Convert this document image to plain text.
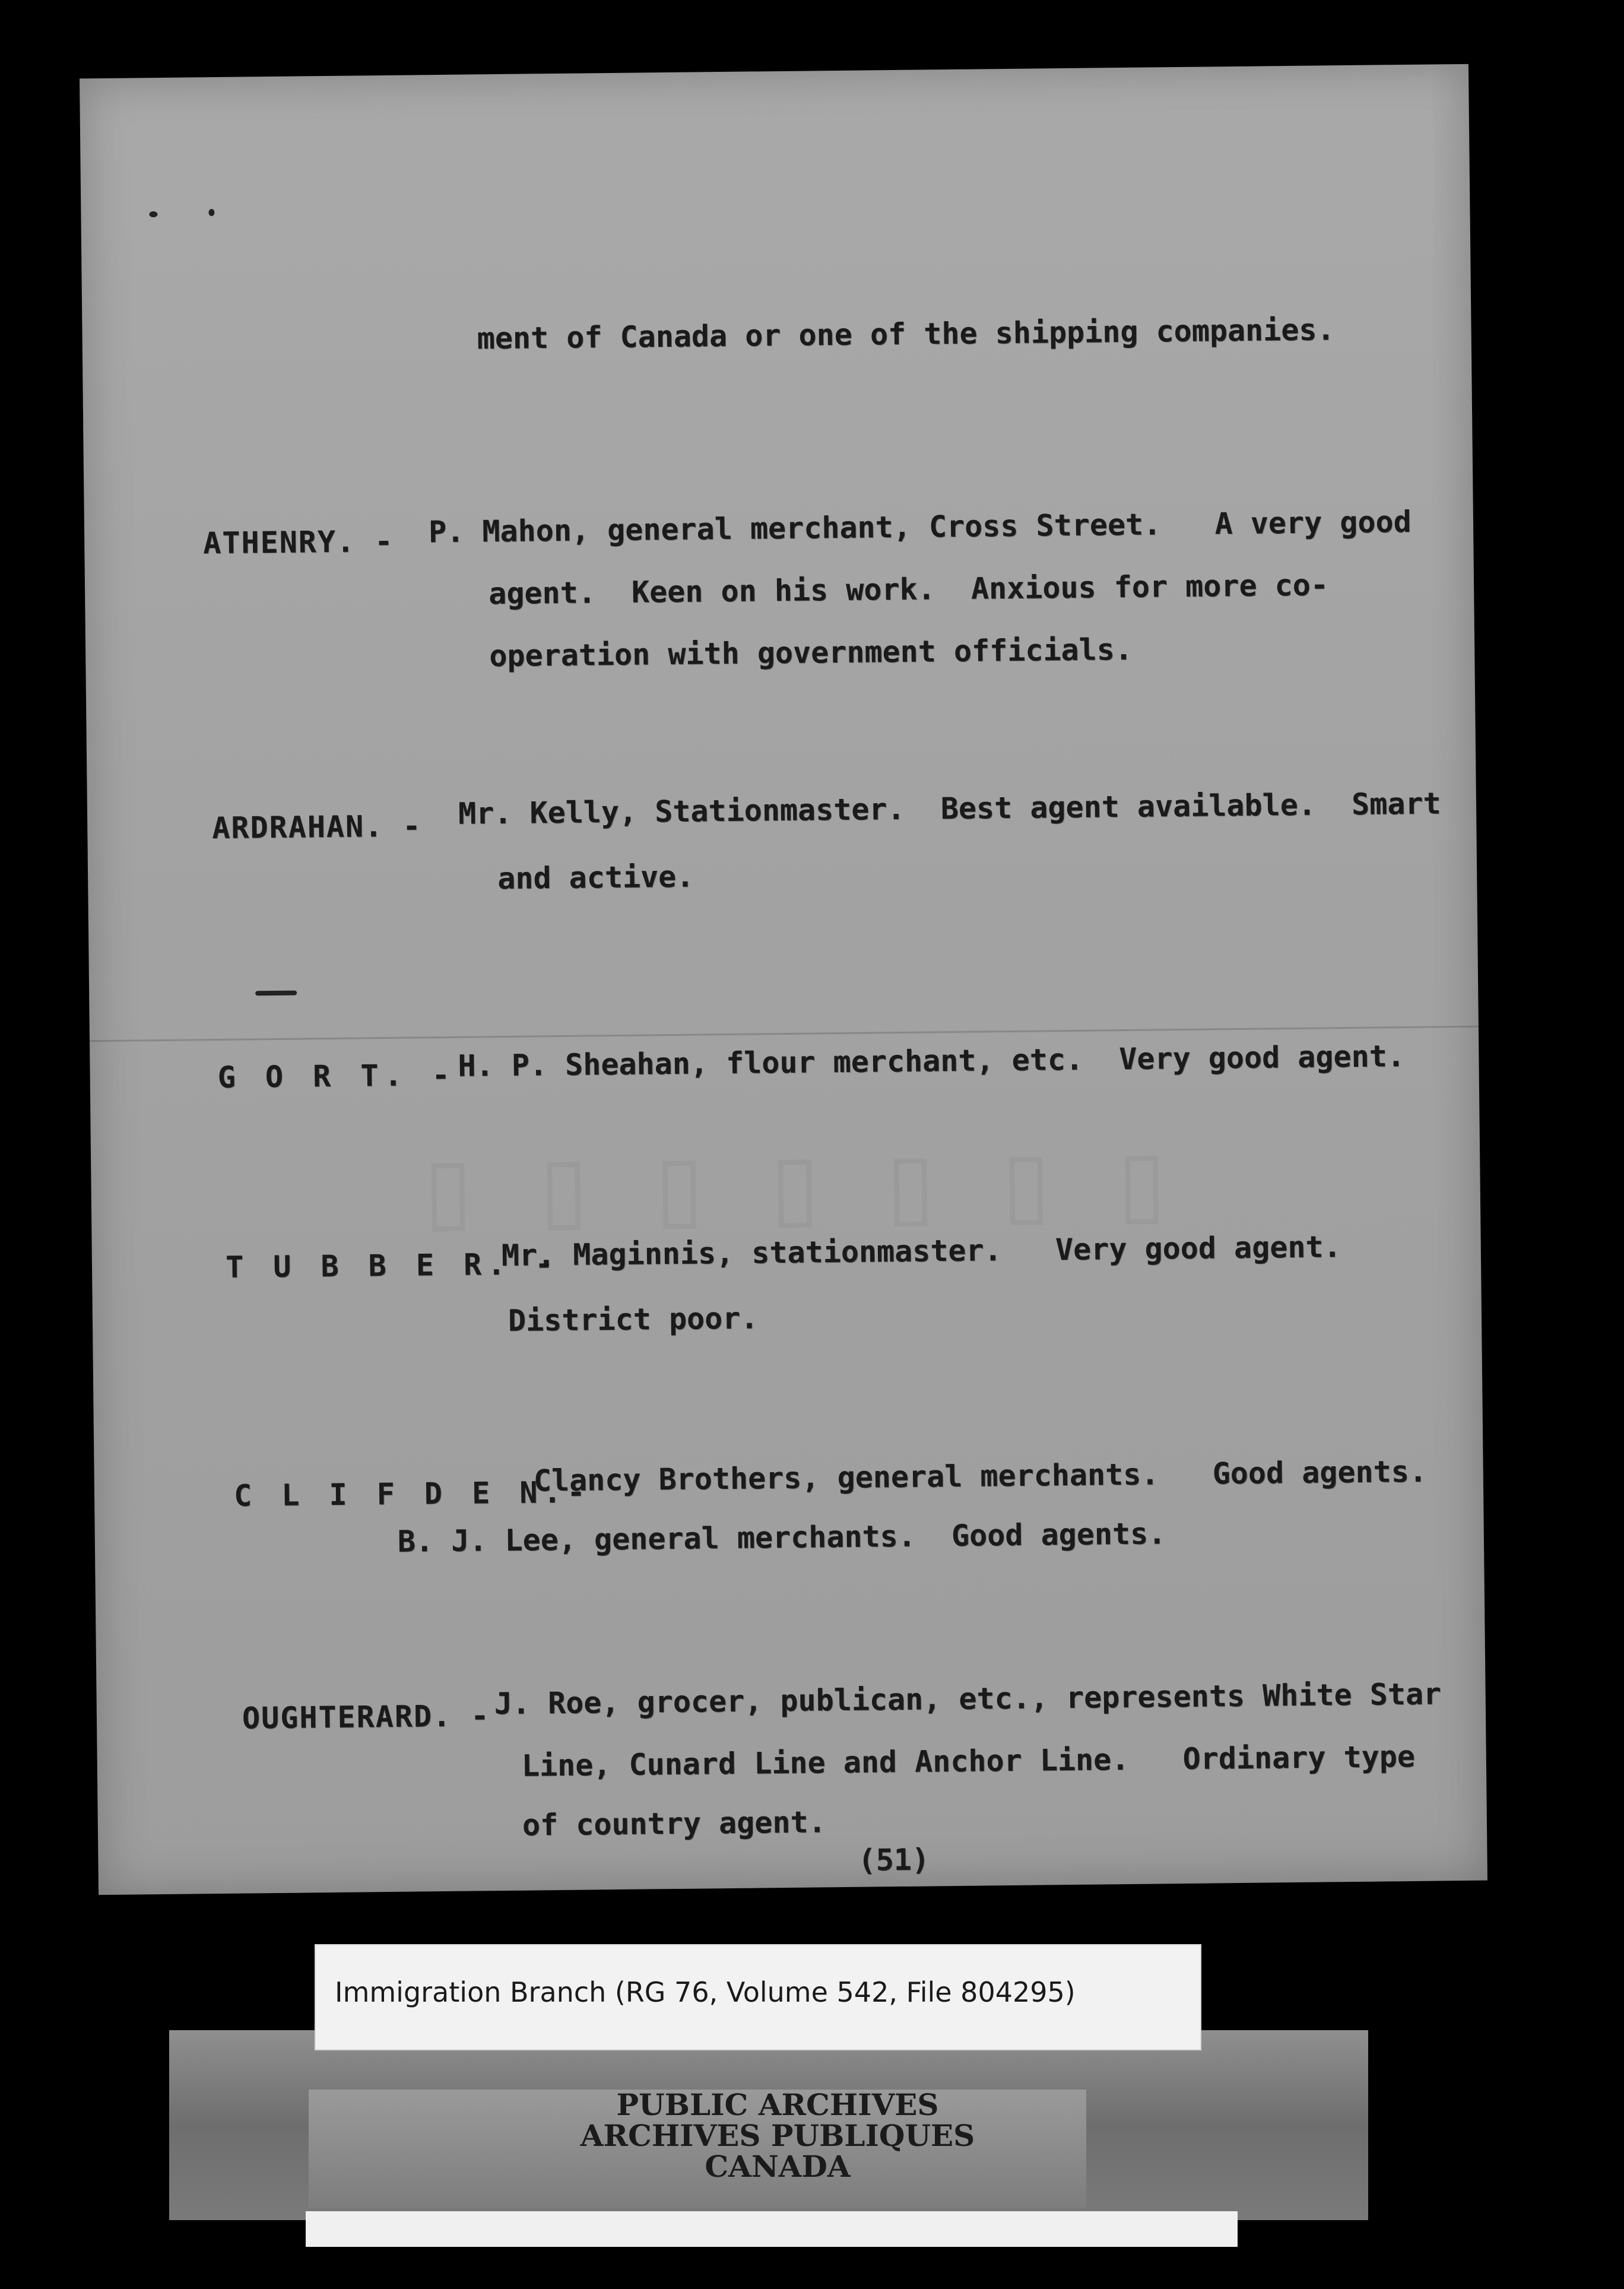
▯ ▯ ▯ ▯ ▯ ▯ ▯
ment of Canada or one of the shipping companies.
ATHENRY. - P. Mahon, general merchant, Cross Street.   A very good
agent.  Keen on his work.  Anxious for more co-
operation with government officials.
ARDRAHAN. - Mr. Kelly, Stationmaster.  Best agent available.  Smart
and active.
G O R T. - H. P. Sheahan, flour merchant, etc.  Very good agent.
T U B B E R. -
Mr. Maginnis, stationmaster.   Very good agent.
District poor.
C L I F D E N.-
Clancy Brothers, general merchants.   Good agents.
B. J. Lee, general merchants.  Good agents.
OUGHTERARD. - J. Roe, grocer, publican, etc., represents White Star
Line, Cunard Line and Anchor Line.   Ordinary type
of country agent.
(51)
Immigration Branch (RG 76, Volume 542, File 804295)
PUBLIC ARCHIVES
ARCHIVES PUBLIQUES
CANADA
